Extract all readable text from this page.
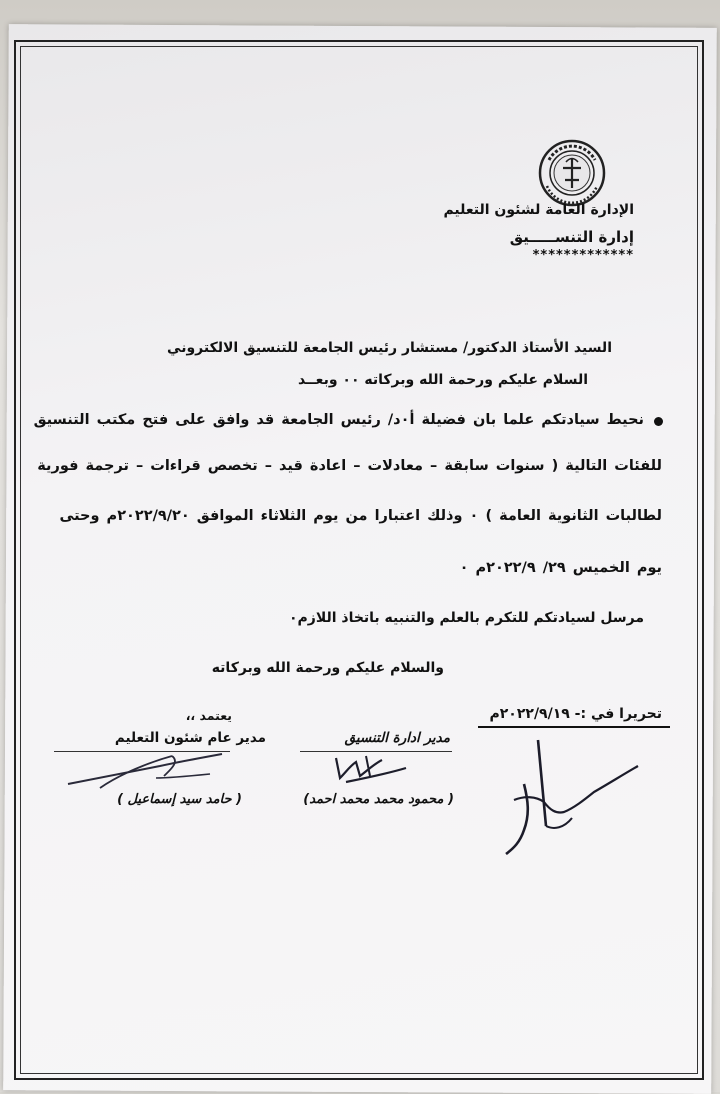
الإدارة العامة لشئون التعليم
إدارة التنســـــيق
*************
السيد الأستاذ الدكتور/ مستشار رئيس الجامعة للتنسيق الالكتروني
السلام عليكم ورحمة الله وبركاته ٠٠ وبعــد
نحيط سيادتكم علما بان فضيلة أ٠د/ رئيس الجامعة قد وافق على فتح مكتب التنسيق
للفئات التالية ( سنوات سابقة – معادلات – اعادة قيد – تخصص قراءات – ترجمة فورية
لطالبات الثانوية العامة ) ٠ وذلك اعتبارا من يوم الثلاثاء الموافق ٢٠٢٢/٩/٢٠م وحتى
يوم الخميس ٢٩/ ٢٠٢٢/٩م ٠
مرسل لسيادتكم للتكرم بالعلم والتنبيه باتخاذ اللازم٠
والسلام عليكم ورحمة الله وبركاته
تحريرا في :- ٢٠٢٢/٩/١٩م
يعتمد ،،
مدير عام شئون التعليم
( حامد سيد إسماعيل )
مدير ادارة التنسيق
( محمود محمد محمد احمد)
